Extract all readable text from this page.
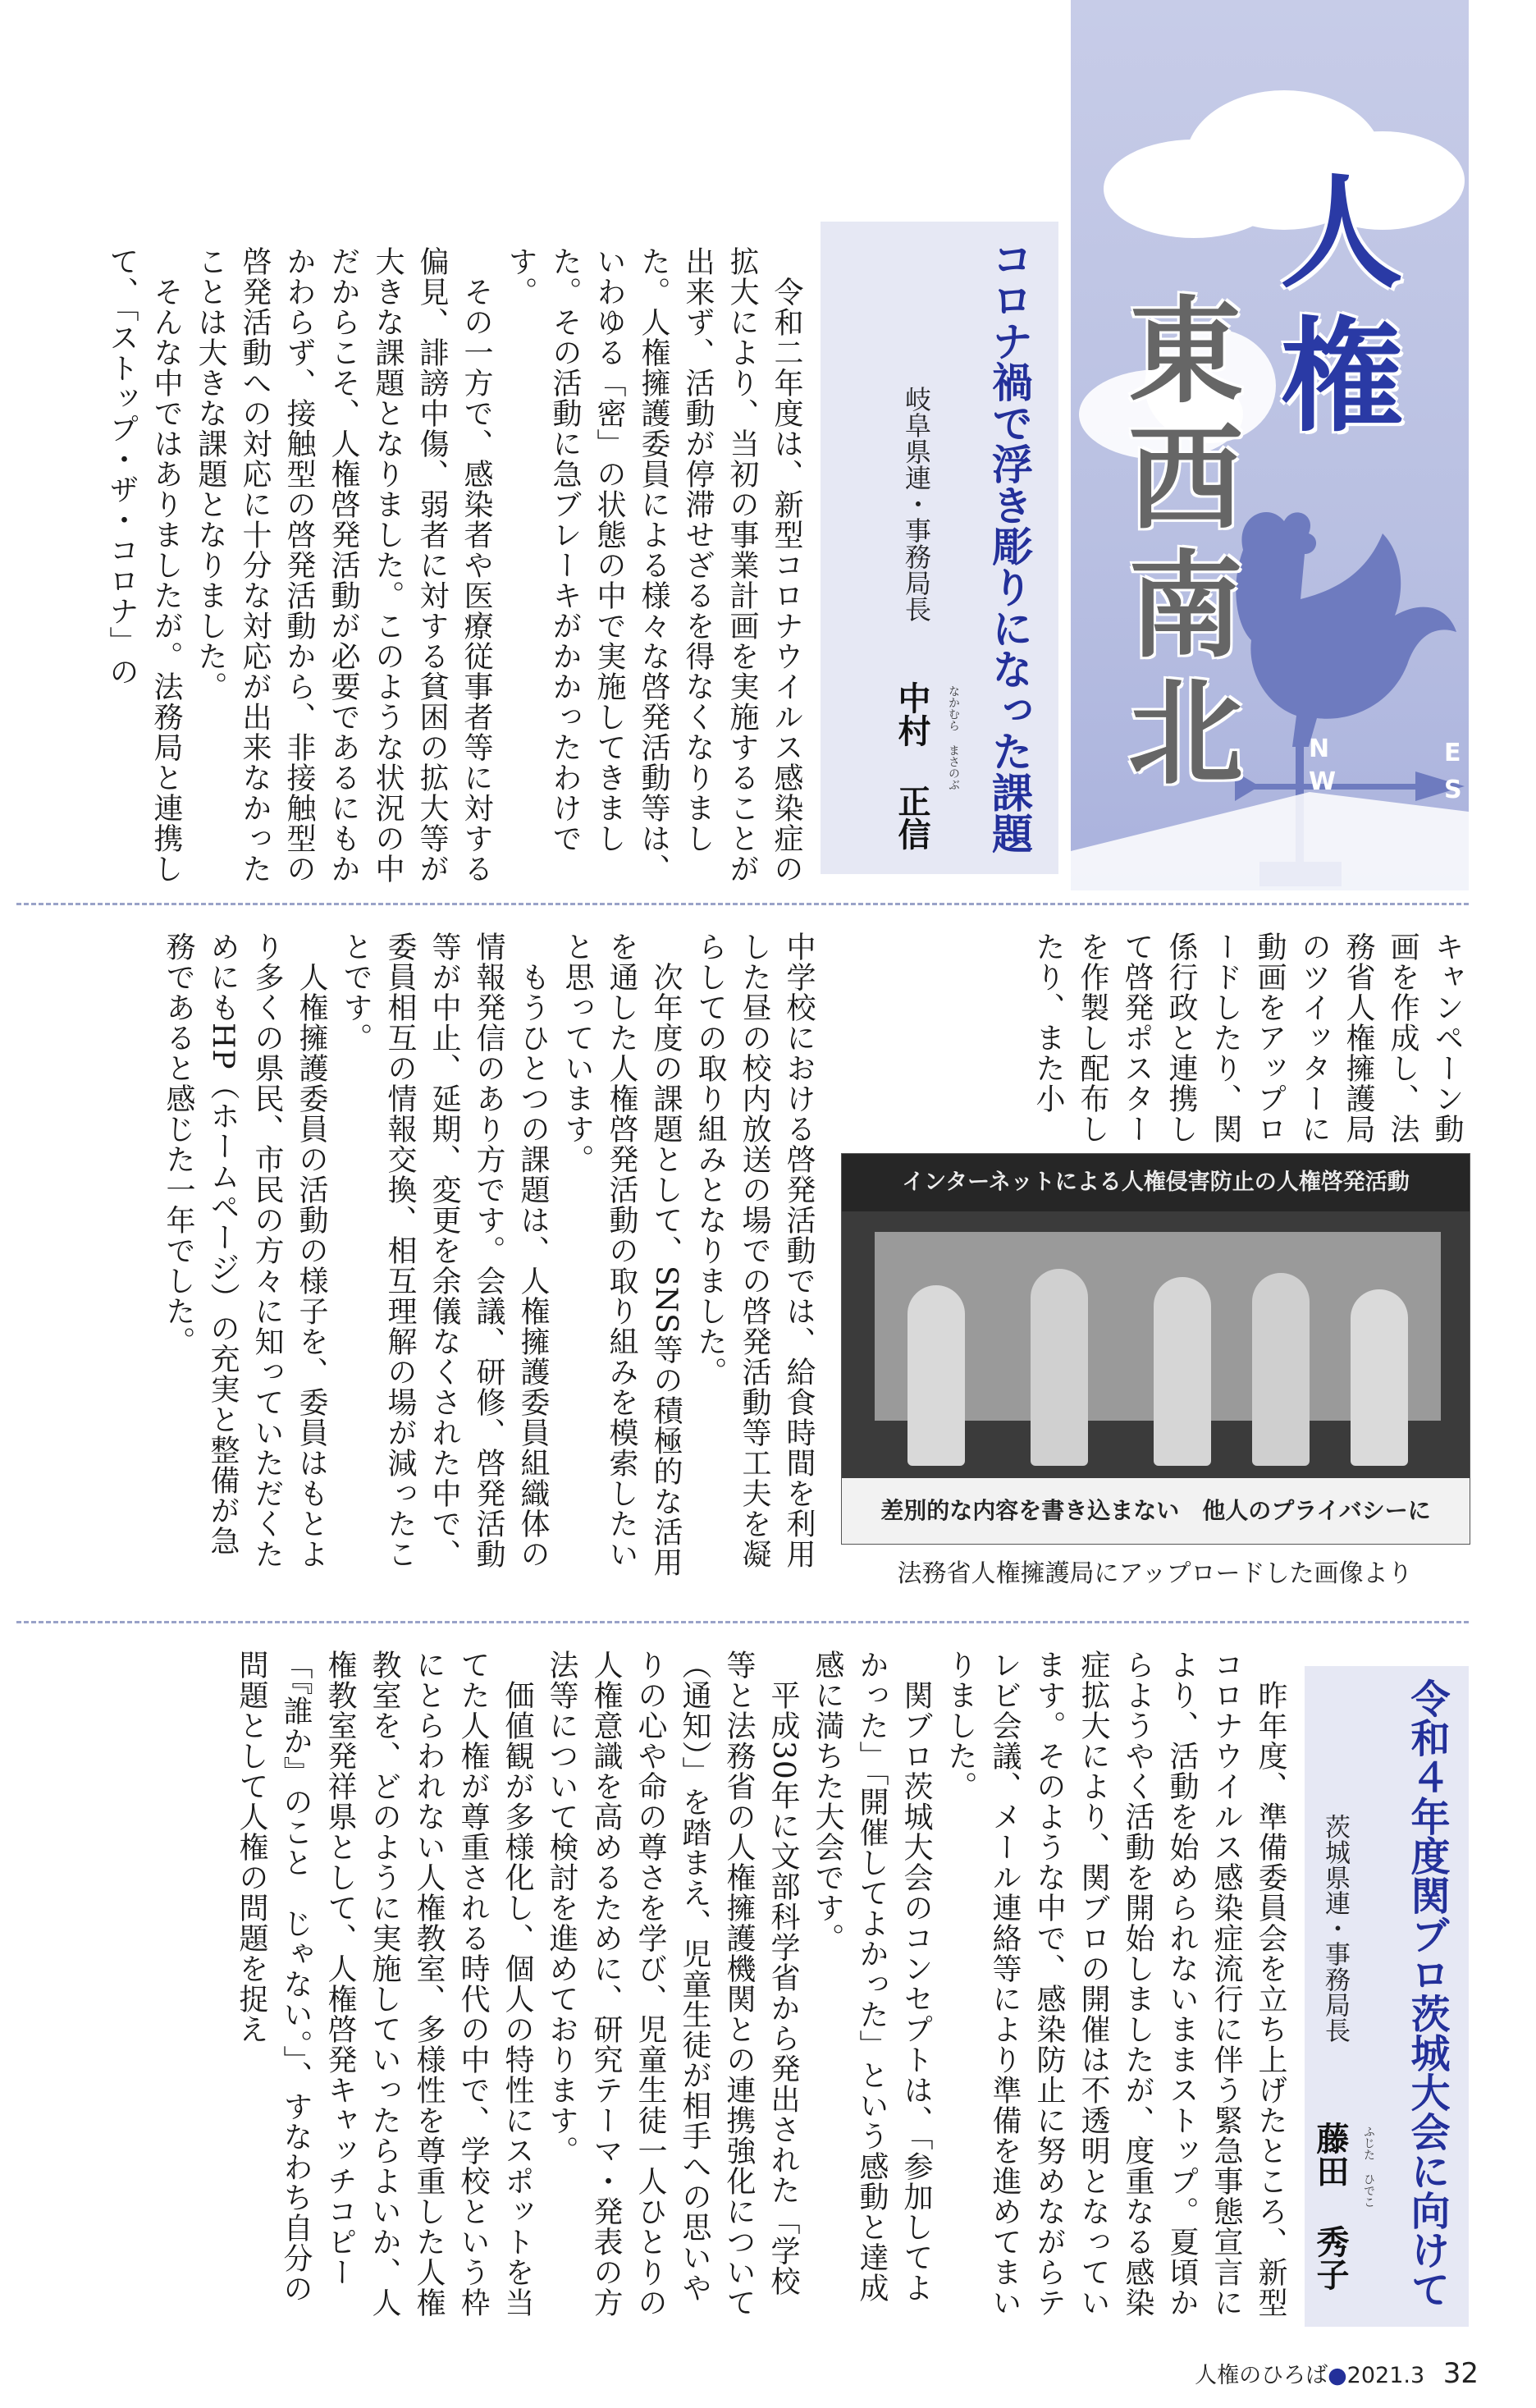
N
W
E
S
人
権
東
西
南
北
コロナ禍で浮き彫りになった課題
岐阜県連・事務局長
中村 正信	なかむら まさのぶ
　令和二年度は、新型コロナウイルス感染症の拡大により、当初の事業計画を実施することが出来ず、活動が停滞せざるを得なくなりました。人権擁護委員による様々な啓発活動等は、いわゆる「密」の状態の中で実施してきました。その活動に急ブレーキがかかったわけです。
　その一方で、感染者や医療従事者等に対する偏見、誹謗中傷、弱者に対する貧困の拡大等が大きな課題となりました。このような状況の中だからこそ、人権啓発活動が必要であるにもかかわらず、接触型の啓発活動から、非接触型の啓発活動への対応に十分な対応が出来なかったことは大きな課題となりました。
　そんな中ではありましたが。法務局と連携して、「ストップ・ザ・コロナ」の
キャンペーン動画を作成し、法務省人権擁護局のツイッターに動画をアップロードしたり、関係行政と連携して啓発ポスターを作製し配布したり、また小
インターネットによる人権侵害防止の人権啓発活動
差別的な内容を書き込まない　他人のプライバシーに
法務省人権擁護局にアップロードした画像より
中学校における啓発活動では、給食時間を利用した昼の校内放送の場での啓発活動等工夫を凝らしての取り組みとなりました。
　次年度の課題として、SNS等の積極的な活用を通した人権啓発活動の取り組みを模索したいと思っています。
　もうひとつの課題は、人権擁護委員組織体の情報発信のあり方です。会議、研修、啓発活動等が中止、延期、変更を余儀なくされた中で、委員相互の情報交換、相互理解の場が減ったことです。
　人権擁護委員の活動の様子を、委員はもとより多くの県民、市民の方々に知っていただくためにもHP（ホームページ）の充実と整備が急務であると感じた一年でした。
令和４年度関ブロ茨城大会に向けて
茨城県連・事務局長
藤田 秀子	ふじた ひでこ
　昨年度、準備委員会を立ち上げたところ、新型コロナウイルス感染症流行に伴う緊急事態宣言により、活動を始められないままストップ。夏頃からようやく活動を開始しましたが、度重なる感染症拡大により、関ブロの開催は不透明となっています。そのような中で、感染防止に努めながらテレビ会議、メール連絡等により準備を進めてまいりました。
　関ブロ茨城大会のコンセプトは、「参加してよかった」「開催してよかった」という感動と達成感に満ちた大会です。
　平成30年に文部科学省から発出された「学校等と法務省の人権擁護機関との連携強化について（通知）」を踏まえ、児童生徒が相手への思いやりの心や命の尊さを学び、児童生徒一人ひとりの人権意識を高めるために、研究テーマ・発表の方法等について検討を進めております。
　価値観が多様化し、個人の特性にスポットを当てた人権が尊重される時代の中で、学校という枠にとらわれない人権教室、多様性を尊重した人権教室を、どのように実施していったらよいか、人権教室発祥県として、人権啓発キャッチコピー「『誰か』のこと　じゃない。」、すなわち自分の問題として人権の問題を捉え
人権のひろば●2021.3 32
